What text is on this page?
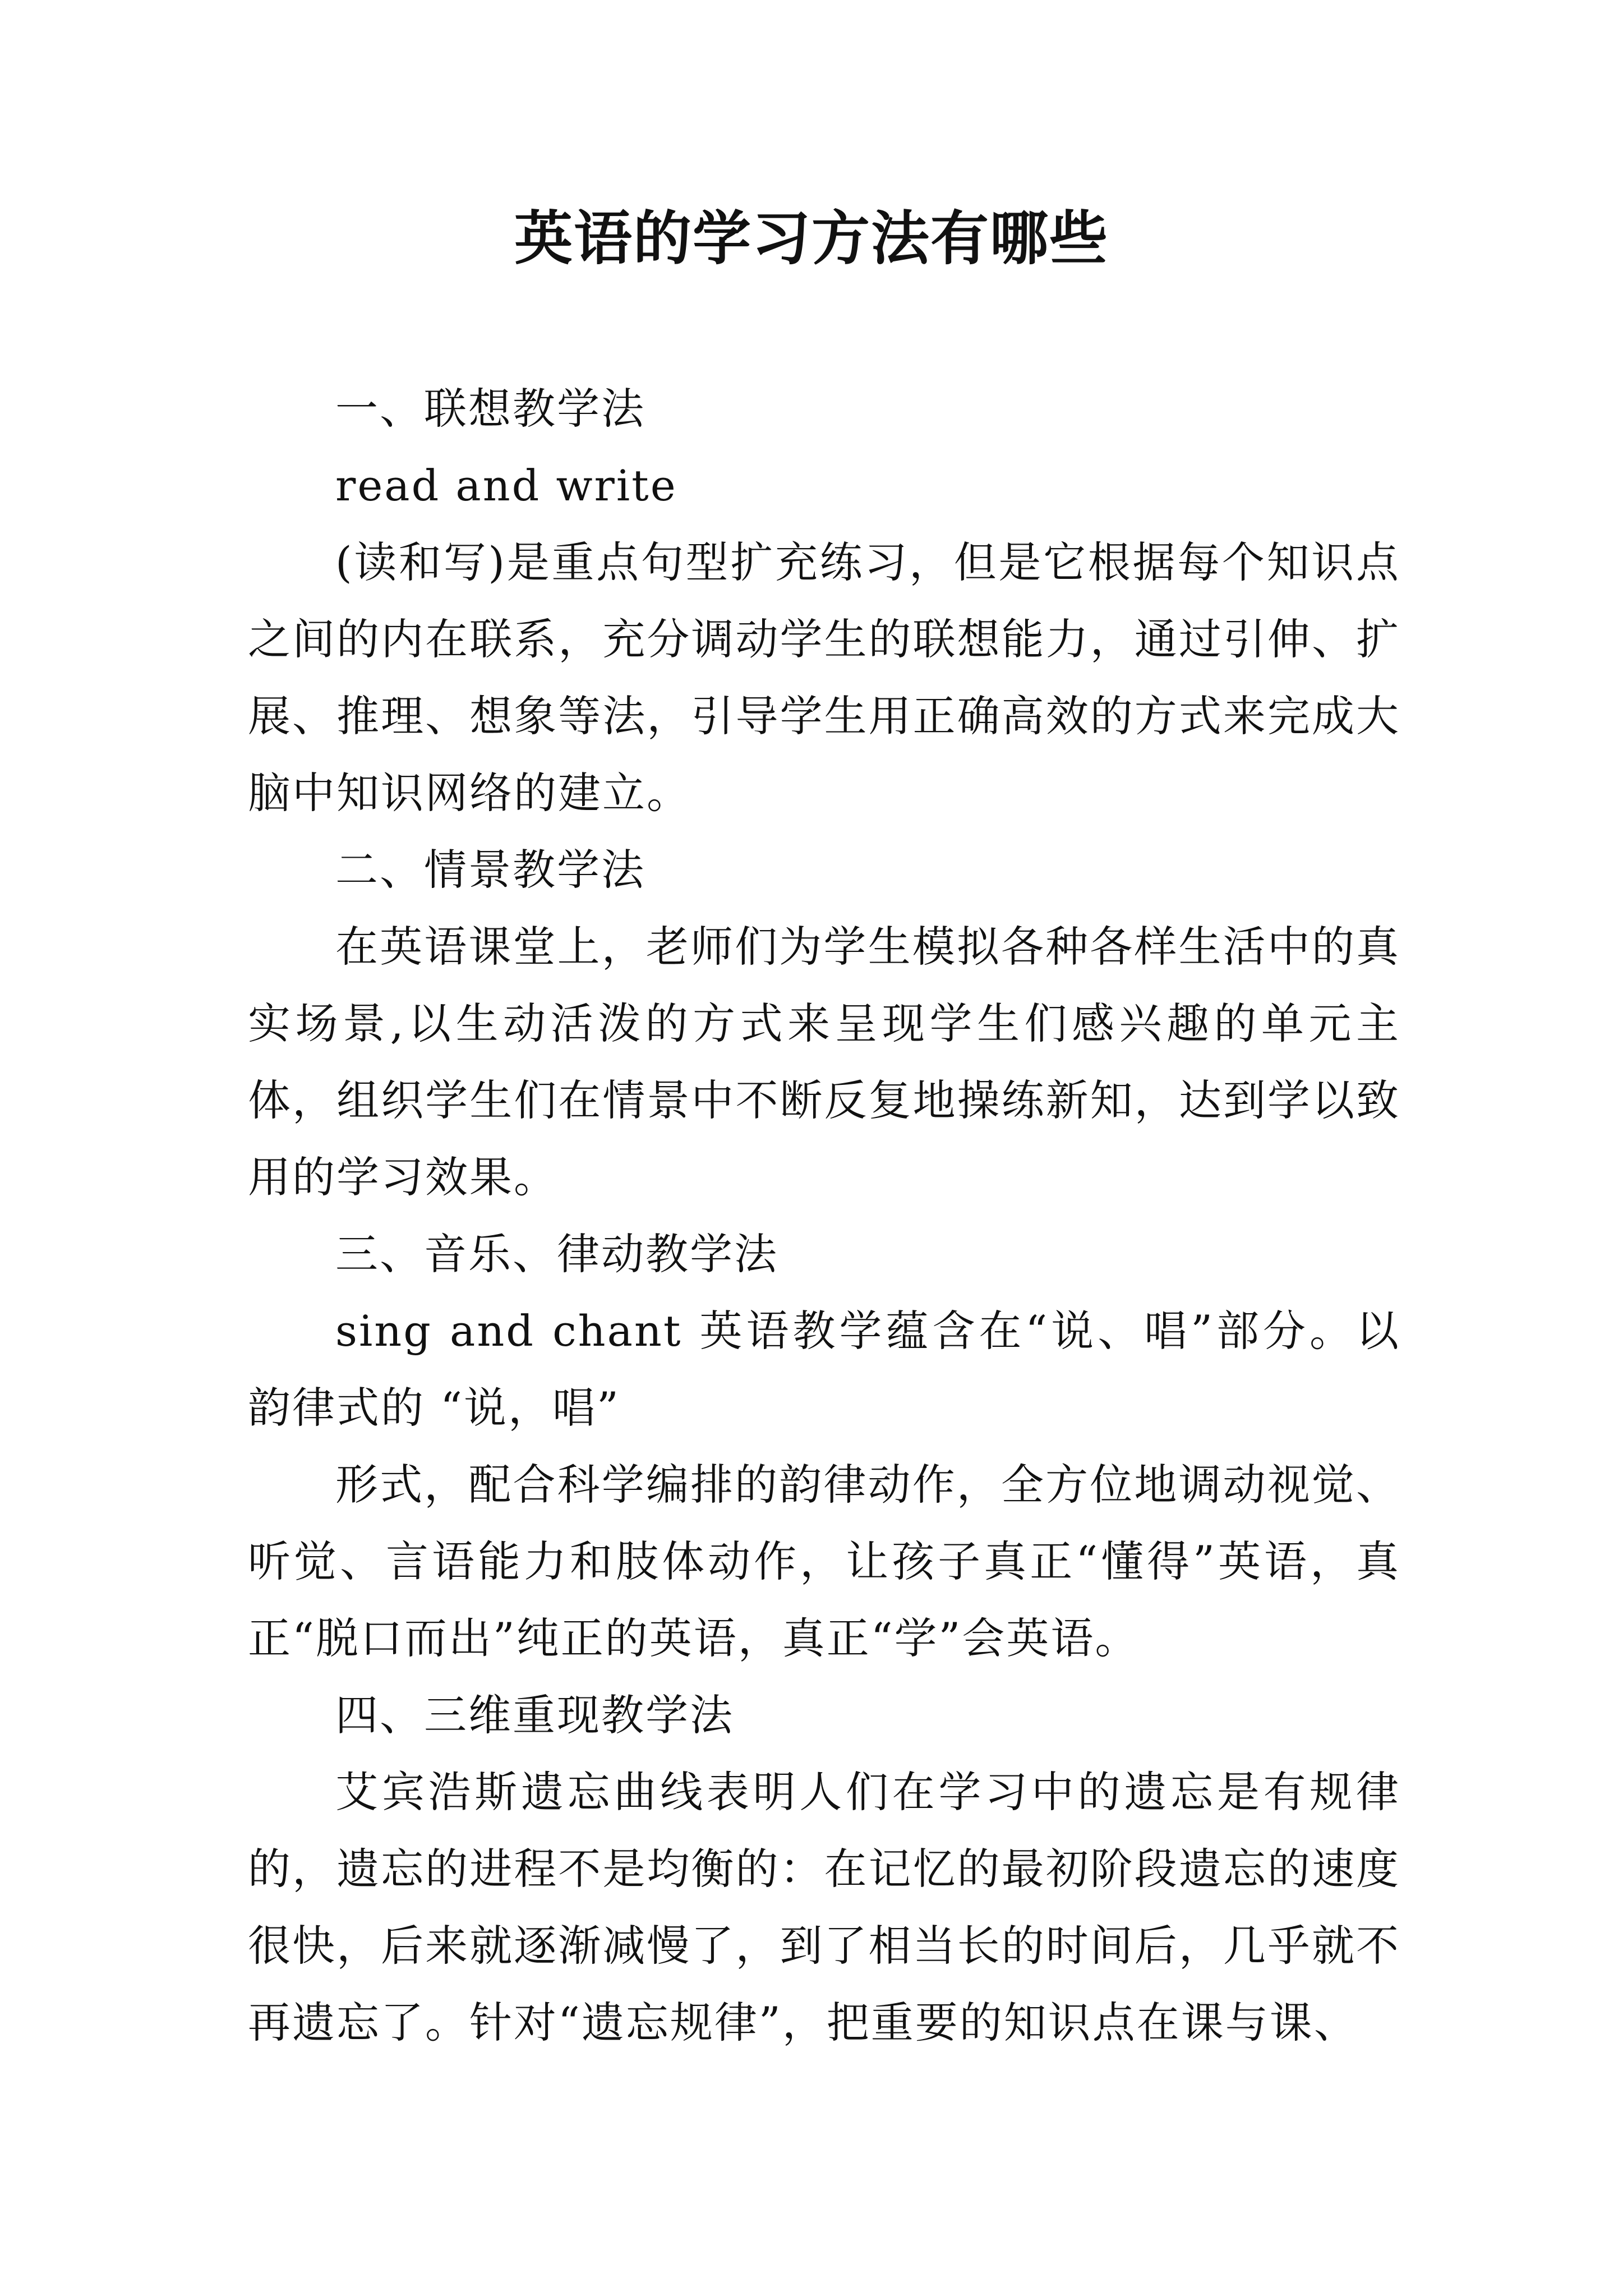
英语的学习方法有哪些

一、联想教学法

read and write

(读和写)是重点句型扩充练习，但是它根据每个知识点之间的内在联系，充分调动学生的联想能力，通过引伸、扩展、推理、想象等法，引导学生用正确高效的方式来完成大脑中知识网络的建立。

二、情景教学法

在英语课堂上，老师们为学生模拟各种各样生活中的真实场景,以生动活泼的方式来呈现学生们感兴趣的单元主体，组织学生们在情景中不断反复地操练新知，达到学以致用的学习效果。

三、音乐、律动教学法

sing and chant 英语教学蕴含在“说、唱”部分。以韵律式的 “说，唱”

形式，配合科学编排的韵律动作，全方位地调动视觉、听觉、言语能力和肢体动作，让孩子真正“懂得”英语，真正“脱口而出”纯正的英语，真正“学”会英语。

四、三维重现教学法

艾宾浩斯遗忘曲线表明人们在学习中的遗忘是有规律的，遗忘的进程不是均衡的：在记忆的最初阶段遗忘的速度很快，后来就逐渐减慢了，到了相当长的时间后，几乎就不再遗忘了。针对“遗忘规律”，把重要的知识点在课与课、
